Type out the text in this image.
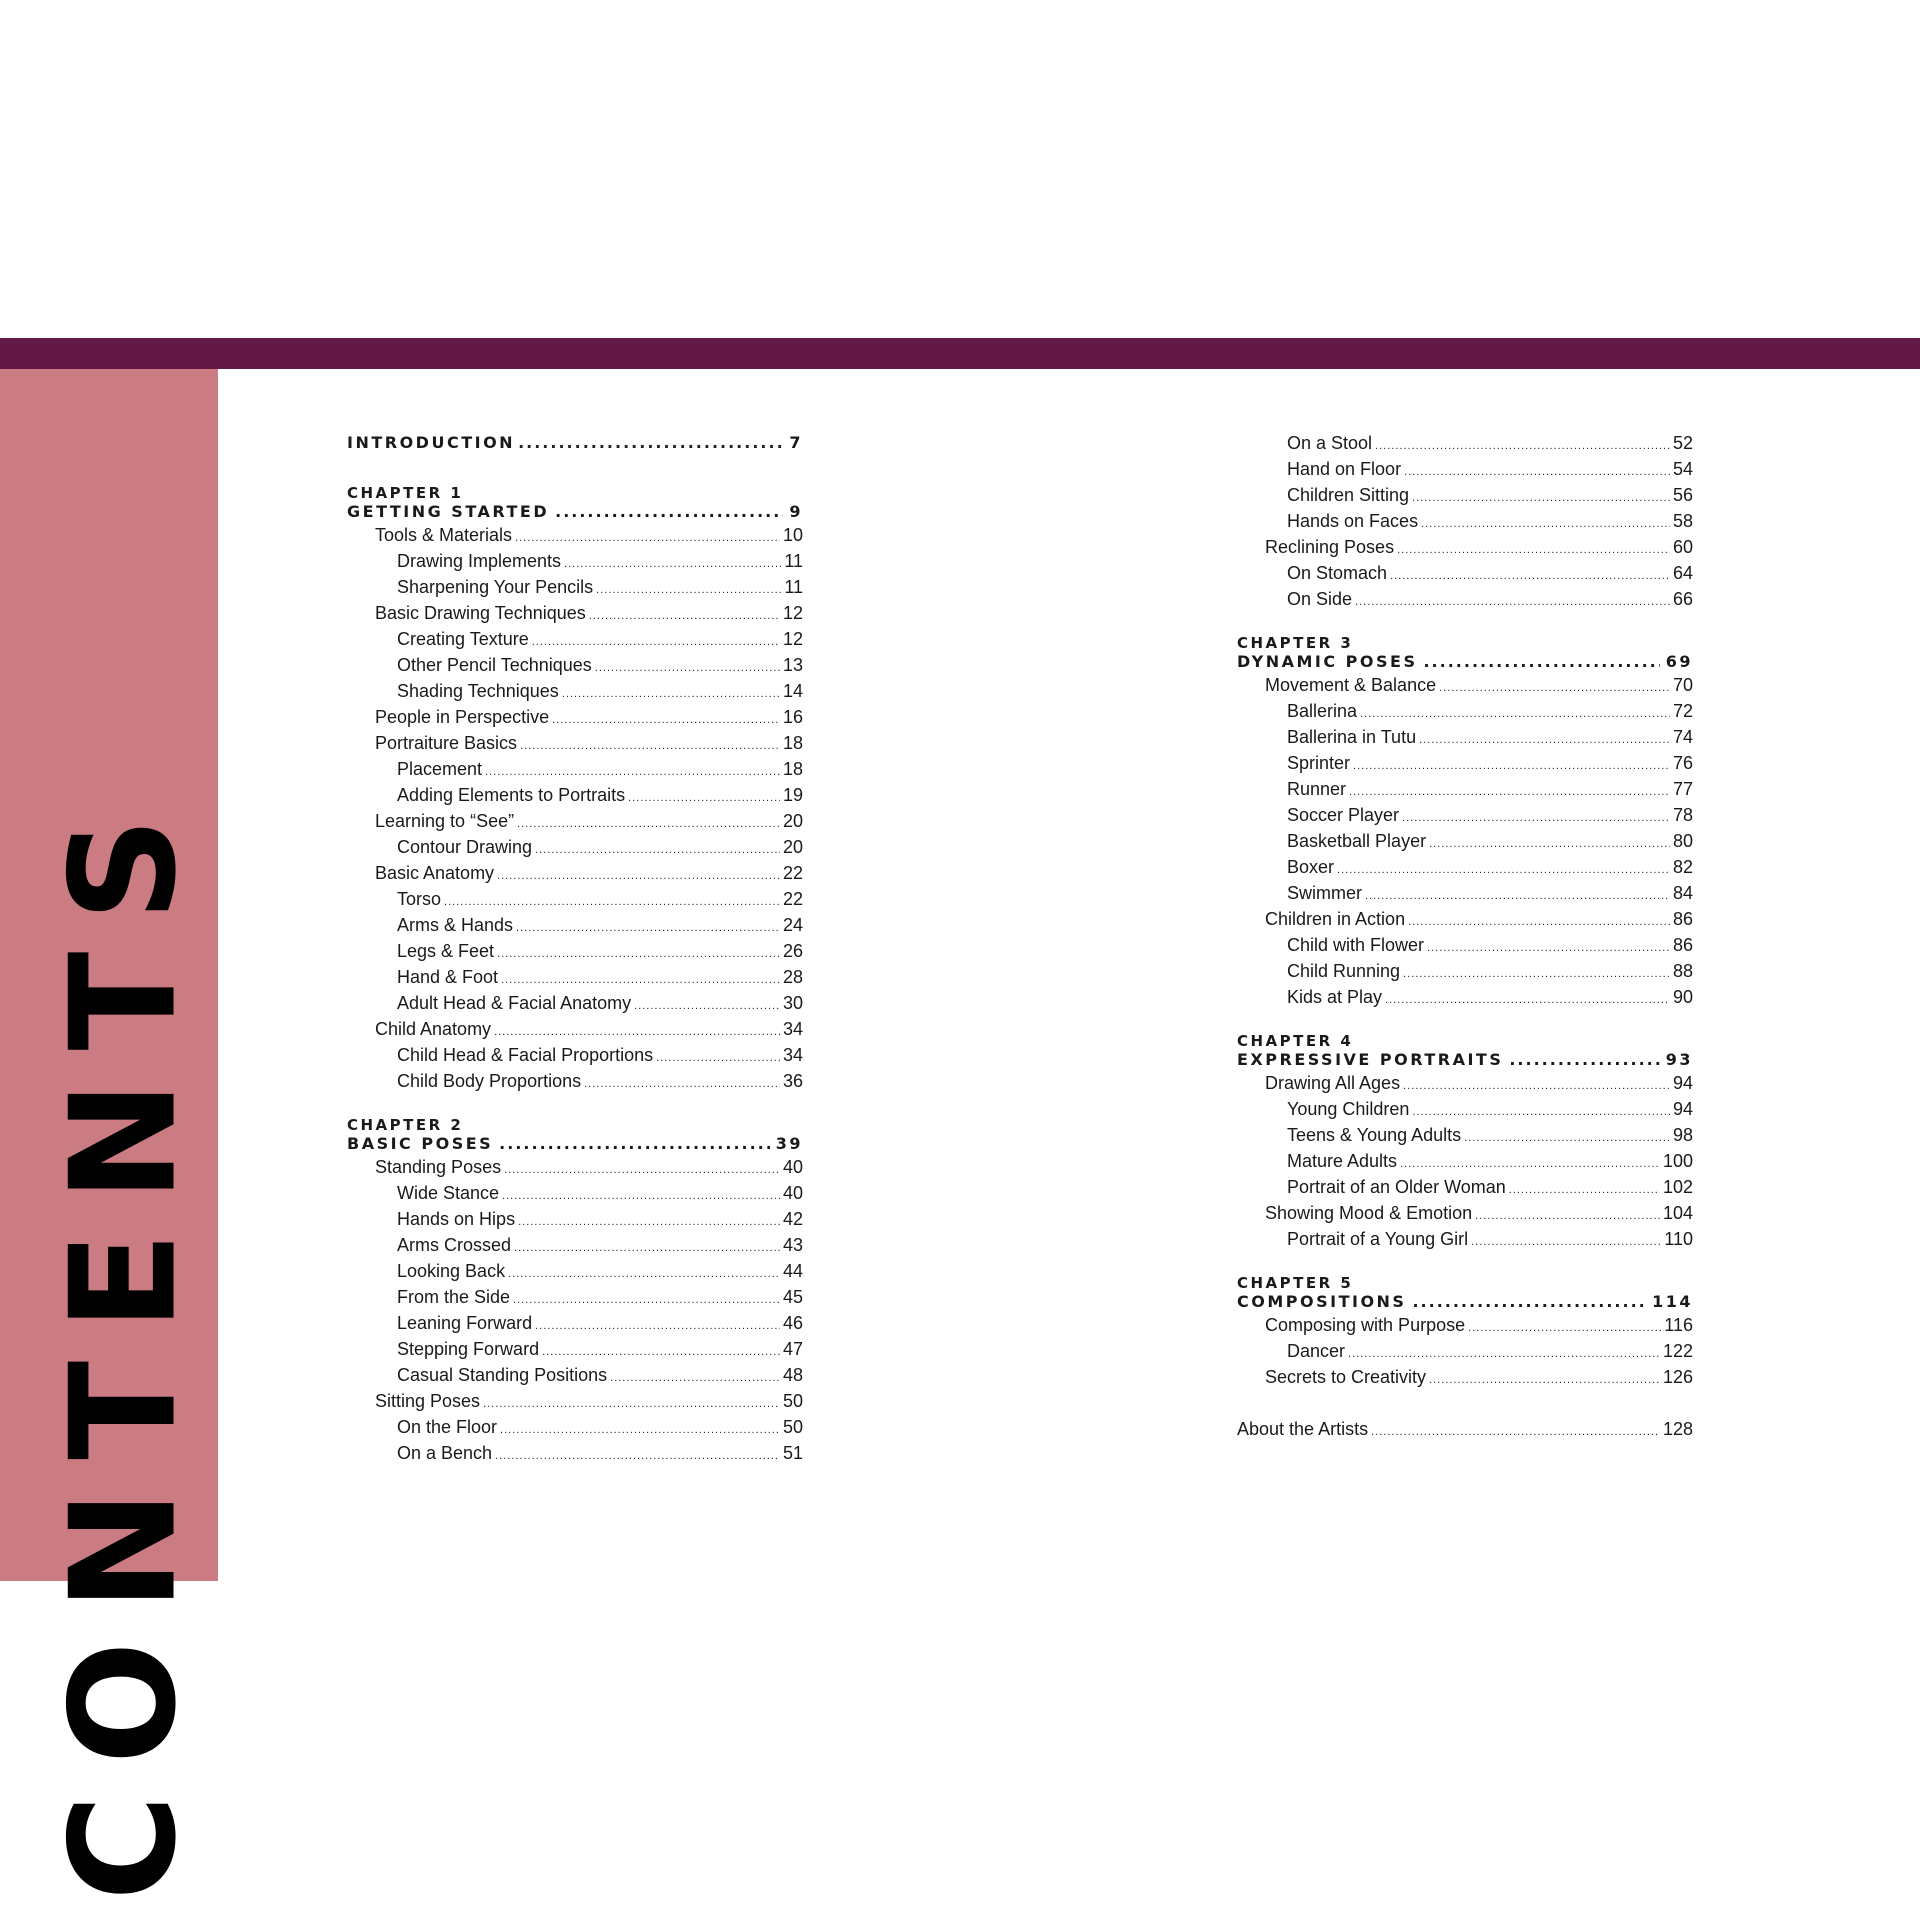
CONTENTS
INTRODUCTION .....	7
CHAPTER 1
GETTING STARTED .....	9
Tools & Materials .....	10
Drawing Implements .....	11
Sharpening Your Pencils .....	11
Basic Drawing Techniques .....	12
Creating Texture .....	12
Other Pencil Techniques .....	13
Shading Techniques .....	14
People in Perspective .....	16
Portraiture Basics .....	18
Placement .....	18
Adding Elements to Portraits .....	19
Learning to “See” .....	20
Contour Drawing .....	20
Basic Anatomy .....	22
Torso .....	22
Arms & Hands .....	24
Legs & Feet .....	26
Hand & Foot .....	28
Adult Head & Facial Anatomy .....	30
Child Anatomy .....	34
Child Head & Facial Proportions .....	34
Child Body Proportions .....	36
CHAPTER 2
BASIC POSES .....	39
Standing Poses .....	40
Wide Stance .....	40
Hands on Hips .....	42
Arms Crossed .....	43
Looking Back .....	44
From the Side .....	45
Leaning Forward .....	46
Stepping Forward .....	47
Casual Standing Positions .....	48
Sitting Poses .....	50
On the Floor .....	50
On a Bench .....	51
On a Stool .....	52
Hand on Floor .....	54
Children Sitting .....	56
Hands on Faces .....	58
Reclining Poses .....	60
On Stomach .....	64
On Side .....	66
CHAPTER 3
DYNAMIC POSES .....	69
Movement & Balance .....	70
Ballerina .....	72
Ballerina in Tutu .....	74
Sprinter .....	76
Runner .....	77
Soccer Player .....	78
Basketball Player .....	80
Boxer .....	82
Swimmer .....	84
Children in Action .....	86
Child with Flower .....	86
Child Running .....	88
Kids at Play .....	90
CHAPTER 4
EXPRESSIVE PORTRAITS .....	93
Drawing All Ages .....	94
Young Children .....	94
Teens & Young Adults .....	98
Mature Adults .....	100
Portrait of an Older Woman .....	102
Showing Mood & Emotion .....	104
Portrait of a Young Girl .....	110
CHAPTER 5
COMPOSITIONS .....	114
Composing with Purpose .....	116
Dancer .....	122
Secrets to Creativity .....	126
About the Artists .....	128
